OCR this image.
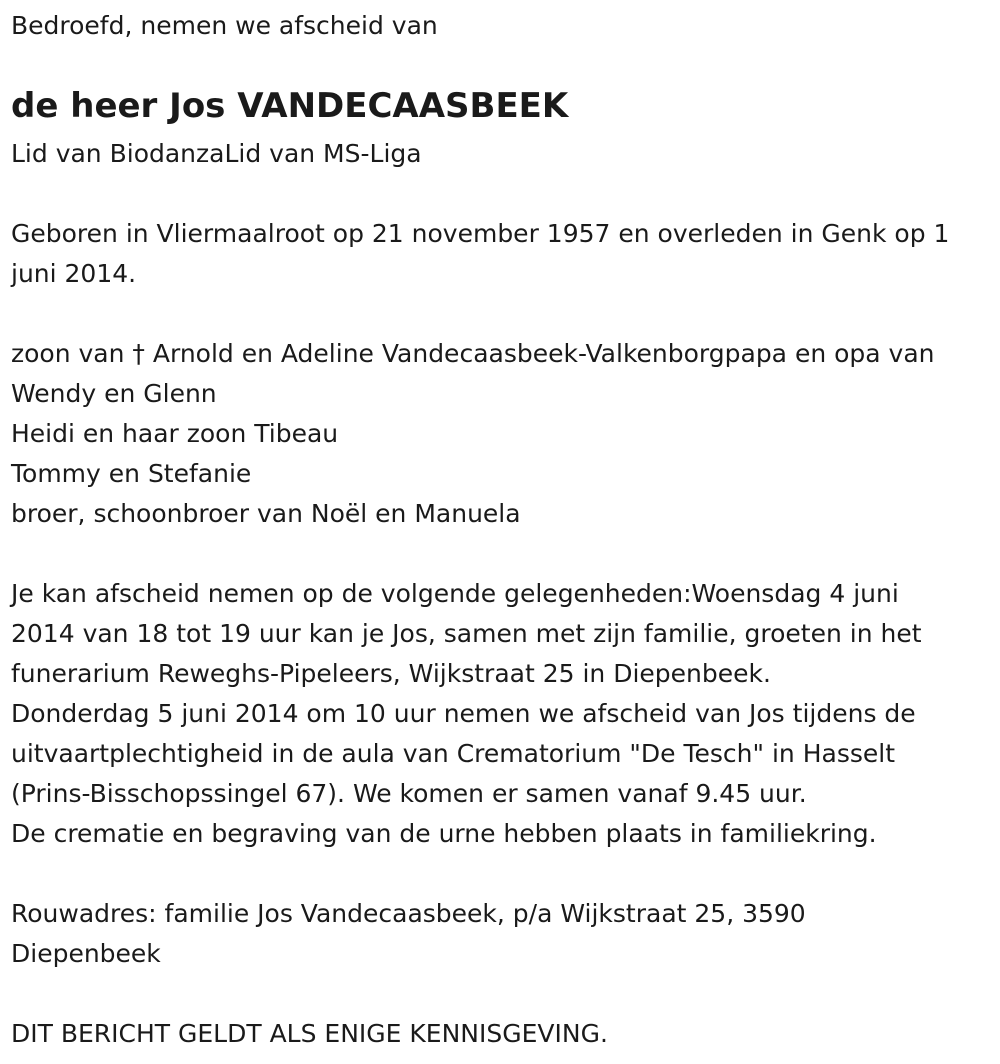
Bedroefd, nemen we afscheid van

de heer Jos VANDECAASBEEK

Lid van BiodanzaLid van MS-Liga

Geboren in Vliermaalroot op 21 november 1957 en overleden in Genk op 1

juni 2014.

zoon van † Arnold en Adeline Vandecaasbeek-Valkenborgpapa en opa van

Wendy en Glenn

Heidi en haar zoon Tibeau

Tommy en Stefanie

broer, schoonbroer van Noël en Manuela

Je kan afscheid nemen op de volgende gelegenheden:Woensdag 4 juni

2014 van 18 tot 19 uur kan je Jos, samen met zijn familie, groeten in het

funerarium Reweghs-Pipeleers, Wijkstraat 25 in Diepenbeek.

Donderdag 5 juni 2014 om 10 uur nemen we afscheid van Jos tijdens de

uitvaartplechtigheid in de aula van Crematorium "De Tesch" in Hasselt

(Prins-Bisschopssingel 67). We komen er samen vanaf 9.45 uur.

De crematie en begraving van de urne hebben plaats in familiekring.

Rouwadres: familie Jos Vandecaasbeek, p/a Wijkstraat 25, 3590

Diepenbeek

DIT BERICHT GELDT ALS ENIGE KENNISGEVING.
